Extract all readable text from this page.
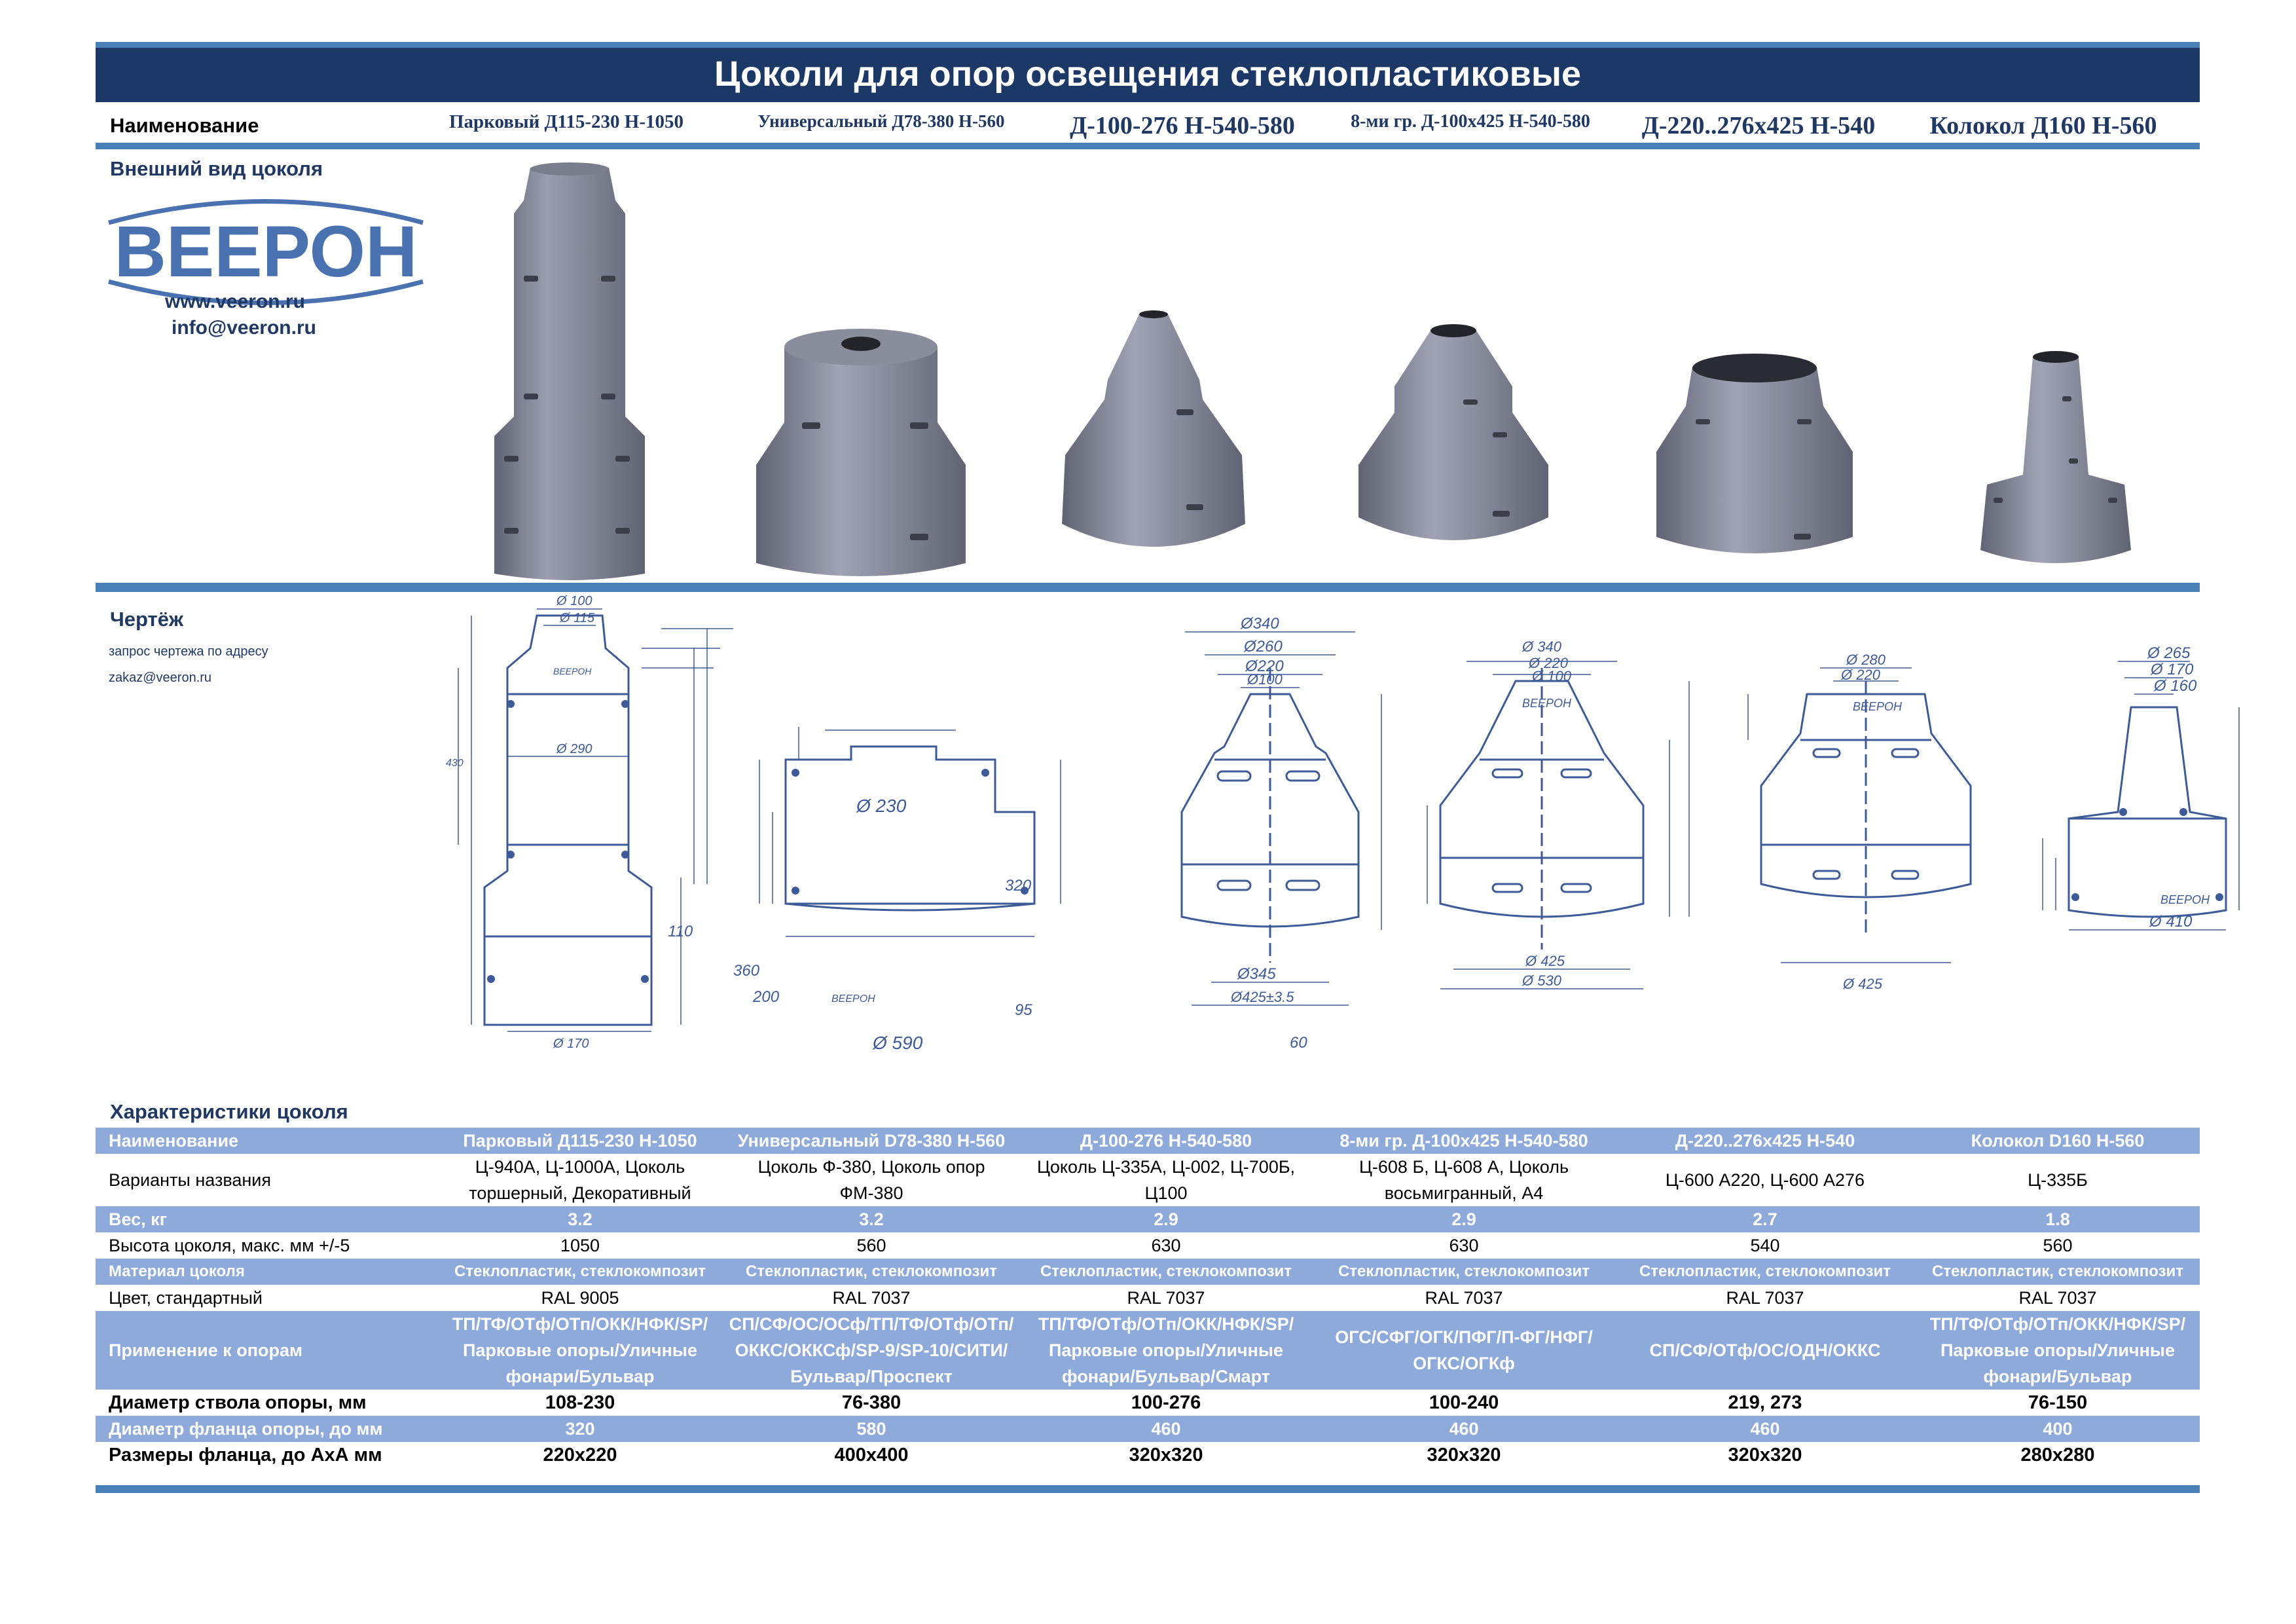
Цоколи для опор освещения стеклопластиковые
Наименование	Парковый Д115-230 Н-1050	Универсальный Д78-380 Н-560	Д-100-276 Н-540-580	8-ми гр. Д-100х425 Н-540-580	Д-220..276х425 Н-540	Колокол Д160 Н-560
Внешний вид цоколя
ВЕЕРОН
www.veeron.ru
info@veeron.ru
Чертёж
запрос чертежа по адресу
zakaz@veeron.ru
Ø 100
Ø 115
Ø 290
Ø 170
430
110
ВЕЕРОН
Ø 230
Ø 590
320
360
200
95
ВЕЕРОН
Ø340
Ø260
Ø220
Ø100
Ø345
Ø425±3.5
60
Ø 340
Ø 220
Ø 100
Ø 425
Ø 530
ВЕЕРОН
Ø 280
Ø 220
Ø 425
ВЕЕРОН
Ø 265
Ø 170
Ø 160
Ø 410
ВЕЕРОН
Характеристики цоколя
Наименование	Парковый Д115-230 Н-1050	Универсальный D78-380 Н-560	Д-100-276 Н-540-580	8-ми гр. Д-100х425 Н-540-580	Д-220..276х425 Н-540	Колокол D160 Н-560
Варианты названия	Ц-940А, Ц-1000А, Цоколь торшерный, Декоративный	Цоколь Ф-380, Цоколь опор ФМ-380	Цоколь Ц-335А, Ц-002, Ц-700Б, Ц100	Ц-608 Б, Ц-608 А, Цоколь восьмигранный, А4	Ц-600 А220, Ц-600 А276	Ц-335Б
Вес, кг	3.2	3.2	2.9	2.9	2.7	1.8
Высота цоколя, макс. мм +/-5	1050	560	630	630	540	560
Материал цоколя	Стеклопластик, стеклокомпозит	Стеклопластик, стеклокомпозит	Стеклопластик, стеклокомпозит	Стеклопластик, стеклокомпозит	Стеклопластик, стеклокомпозит	Стеклопластик, стеклокомпозит
Цвет, стандартный	RAL 9005	RAL 7037	RAL 7037	RAL 7037	RAL 7037	RAL 7037
Применение к опорам	ТП/ТФ/ОТф/ОТп/ОКК/НФК/SP/Парковые опоры/Уличные фонари/Бульвар	СП/СФ/ОС/ОСф/ТП/ТФ/ОТф/ОТп/ОККС/ОККСф/SP-9/SP-10/СИТИ/Бульвар/Проспект	ТП/ТФ/ОТф/ОТп/ОКК/НФК/SP/Парковые опоры/Уличные фонари/Бульвар/Смарт	ОГС/СФГ/ОГК/ПФГ/П-ФГ/НФГ/ОГКС/ОГКф	СП/СФ/ОТф/ОС/ОДН/ОККС	ТП/ТФ/ОТф/ОТп/ОКК/НФК/SP/Парковые опоры/Уличные фонари/Бульвар
Диаметр ствола опоры, мм	108-230	76-380	100-276	100-240	219, 273	76-150
Диаметр фланца опоры, до мм	320	580	460	460	460	400
Размеры фланца, до АхА мм	220х220	400х400	320х320	320х320	320х320	280х280
